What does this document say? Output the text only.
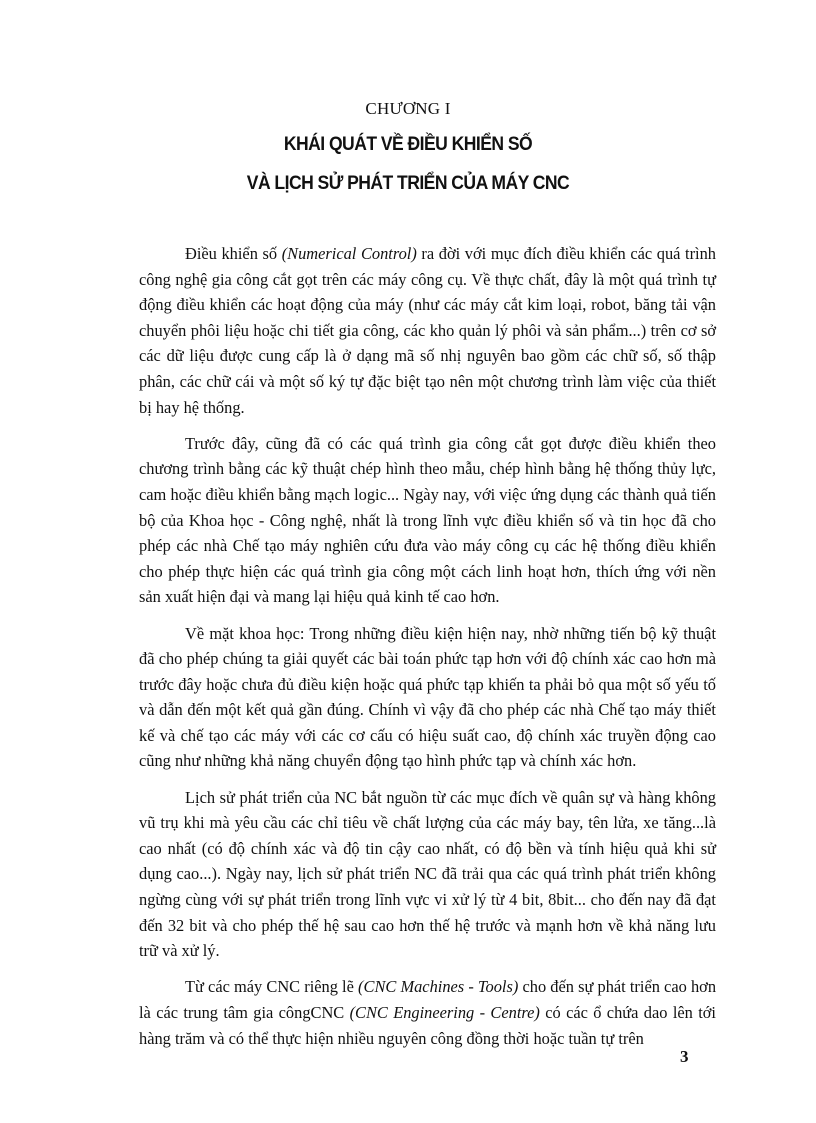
CHƯƠNG I
KHÁI QUÁT VỀ ĐIỀU KHIỂN SỐ
VÀ LỊCH SỬ PHÁT TRIỂN CỦA MÁY CNC

Điều khiển số (Numerical Control) ra đời với mục đích điều khiển các quá trình công nghệ gia công cắt gọt trên các máy công cụ. Về thực chất, đây là một quá trình tự động điều khiển các hoạt động của máy (như các máy cắt kim loại, robot, băng tải vận chuyển phôi liệu hoặc chi tiết gia công, các kho quản lý phôi và sản phẩm...) trên cơ sở các dữ liệu được cung cấp là ở dạng mã số nhị nguyên bao gồm các chữ số, số thập phân, các chữ cái và một số ký tự đặc biệt tạo nên một chương trình làm việc của thiết bị hay hệ thống.

Trước đây, cũng đã có các quá trình gia công cắt gọt được điều khiển theo chương trình bằng các kỹ thuật chép hình theo mẫu, chép hình bằng hệ thống thủy lực, cam hoặc điều khiển bằng mạch logic... Ngày nay, với việc ứng dụng các thành quả tiến bộ của Khoa học - Công nghệ, nhất là trong lĩnh vực điều khiển số và tin học đã cho phép các nhà Chế tạo máy nghiên cứu đưa vào máy công cụ các hệ thống điều khiển cho phép thực hiện các quá trình gia công một cách linh hoạt hơn, thích ứng với nền sản xuất hiện đại và mang lại hiệu quả kinh tế cao hơn.

Về mặt khoa học: Trong những điều kiện hiện nay, nhờ những tiến bộ kỹ thuật đã cho phép chúng ta giải quyết các bài toán phức tạp hơn với độ chính xác cao hơn mà trước đây hoặc chưa đủ điều kiện hoặc quá phức tạp khiến ta phải bỏ qua một số yếu tố và dẫn đến một kết quả gần đúng. Chính vì vậy đã cho phép các nhà Chế tạo máy thiết kế và chế tạo các máy với các cơ cấu có hiệu suất cao, độ chính xác truyền động cao cũng như những khả năng chuyển động tạo hình phức tạp và chính xác hơn.

Lịch sử phát triển của NC bắt nguồn từ các mục đích về quân sự và hàng không vũ trụ khi mà yêu cầu các chỉ tiêu về chất lượng của các máy bay, tên lửa, xe tăng...là cao nhất (có độ chính xác và độ tin cậy cao nhất, có độ bền và tính hiệu quả khi sử dụng cao...). Ngày nay, lịch sử phát triển NC đã trải qua các quá trình phát triển không ngừng cùng với sự phát triển trong lĩnh vực vi xử lý từ 4 bit, 8bit... cho đến nay đã đạt đến 32 bit và cho phép thế hệ sau cao hơn thế hệ trước và mạnh hơn về khả năng lưu trữ và xử lý.

Từ các máy CNC riêng lẽ (CNC Machines - Tools) cho đến sự phát triển cao hơn là các trung tâm gia côngCNC (CNC Engineering - Centre) có các ổ chứa dao lên tới hàng trăm và có thể thực hiện nhiều nguyên công đồng thời hoặc tuần tự trên

3
